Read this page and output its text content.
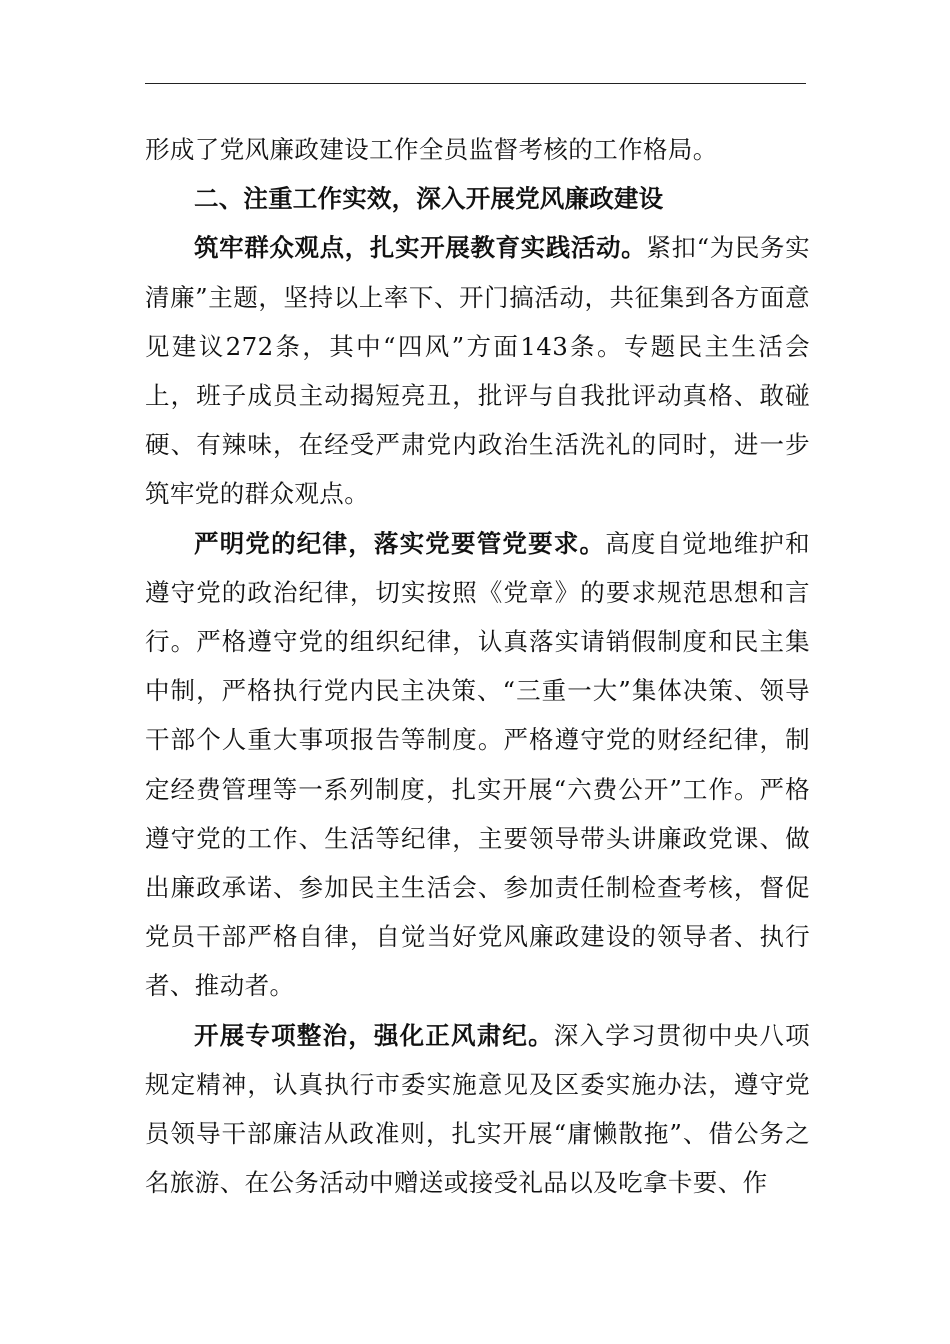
形成了党风廉政建设工作全员监督考核的工作格局。

二、注重工作实效，深入开展党风廉政建设

筑牢群众观点，扎实开展教育实践活动。紧扣“为民务实清廉”主题，坚持以上率下、开门搞活动，共征集到各方面意见建议272条，其中“四风”方面143条。专题民主生活会上，班子成员主动揭短亮丑，批评与自我批评动真格、敢碰硬、有辣味，在经受严肃党内政治生活洗礼的同时，进一步筑牢党的群众观点。

严明党的纪律，落实党要管党要求。高度自觉地维护和遵守党的政治纪律，切实按照《党章》的要求规范思想和言行。严格遵守党的组织纪律，认真落实请销假制度和民主集中制，严格执行党内民主决策、“三重一大”集体决策、领导干部个人重大事项报告等制度。严格遵守党的财经纪律，制定经费管理等一系列制度，扎实开展“六费公开”工作。严格遵守党的工作、生活等纪律，主要领导带头讲廉政党课、做出廉政承诺、参加民主生活会、参加责任制检查考核，督促党员干部严格自律，自觉当好党风廉政建设的领导者、执行者、推动者。

开展专项整治，强化正风肃纪。深入学习贯彻中央八项规定精神，认真执行市委实施意见及区委实施办法，遵守党员领导干部廉洁从政准则，扎实开展“庸懒散拖”、借公务之名旅游、在公务活动中赠送或接受礼品以及吃拿卡要、作
